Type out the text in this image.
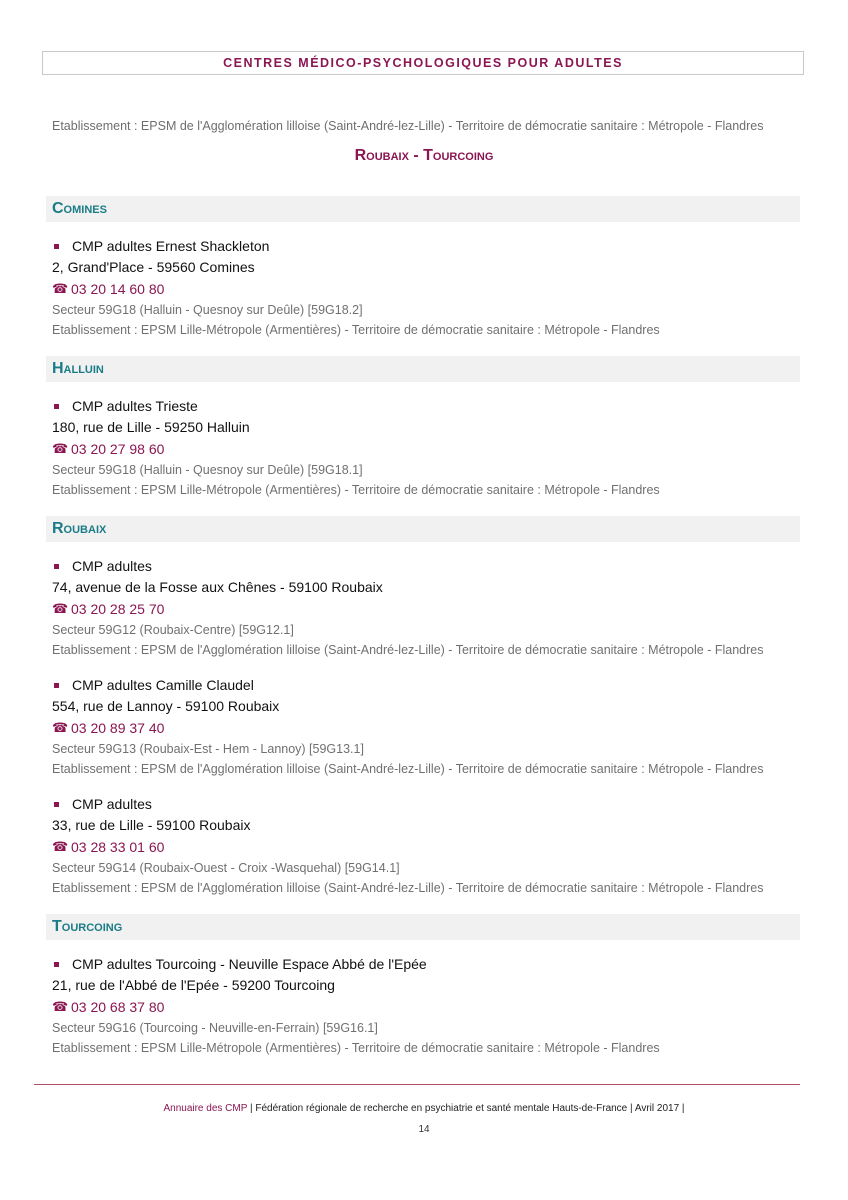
CENTRES MÉDICO-PSYCHOLOGIQUES POUR ADULTES
Etablissement : EPSM de l'Agglomération lilloise (Saint-André-lez-Lille) - Territoire de démocratie sanitaire : Métropole - Flandres
Roubaix - Tourcoing
Comines
CMP adultes Ernest Shackleton
2, Grand'Place - 59560 Comines
☎ 03 20 14 60 80
Secteur 59G18 (Halluin - Quesnoy sur Deûle) [59G18.2]
Etablissement : EPSM Lille-Métropole (Armentières) - Territoire de démocratie sanitaire : Métropole - Flandres
Halluin
CMP adultes Trieste
180, rue de Lille - 59250 Halluin
☎ 03 20 27 98 60
Secteur 59G18 (Halluin - Quesnoy sur Deûle) [59G18.1]
Etablissement : EPSM Lille-Métropole (Armentières) - Territoire de démocratie sanitaire : Métropole - Flandres
Roubaix
CMP adultes
74, avenue de la Fosse aux Chênes - 59100 Roubaix
☎ 03 20 28 25 70
Secteur 59G12 (Roubaix-Centre) [59G12.1]
Etablissement : EPSM de l'Agglomération lilloise (Saint-André-lez-Lille) - Territoire de démocratie sanitaire : Métropole - Flandres
CMP adultes Camille Claudel
554, rue de Lannoy - 59100 Roubaix
☎ 03 20 89 37 40
Secteur 59G13 (Roubaix-Est - Hem - Lannoy) [59G13.1]
Etablissement : EPSM de l'Agglomération lilloise (Saint-André-lez-Lille) - Territoire de démocratie sanitaire : Métropole - Flandres
CMP adultes
33, rue de Lille - 59100 Roubaix
☎ 03 28 33 01 60
Secteur 59G14 (Roubaix-Ouest - Croix -Wasquehal) [59G14.1]
Etablissement : EPSM de l'Agglomération lilloise (Saint-André-lez-Lille) - Territoire de démocratie sanitaire : Métropole - Flandres
Tourcoing
CMP adultes Tourcoing - Neuville Espace Abbé de l'Epée
21, rue de l'Abbé de l'Epée - 59200 Tourcoing
☎ 03 20 68 37 80
Secteur 59G16 (Tourcoing - Neuville-en-Ferrain) [59G16.1]
Etablissement : EPSM Lille-Métropole (Armentières) - Territoire de démocratie sanitaire : Métropole - Flandres
Annuaire des CMP | Fédération régionale de recherche en psychiatrie et santé mentale Hauts-de-France | Avril 2017 |
14
